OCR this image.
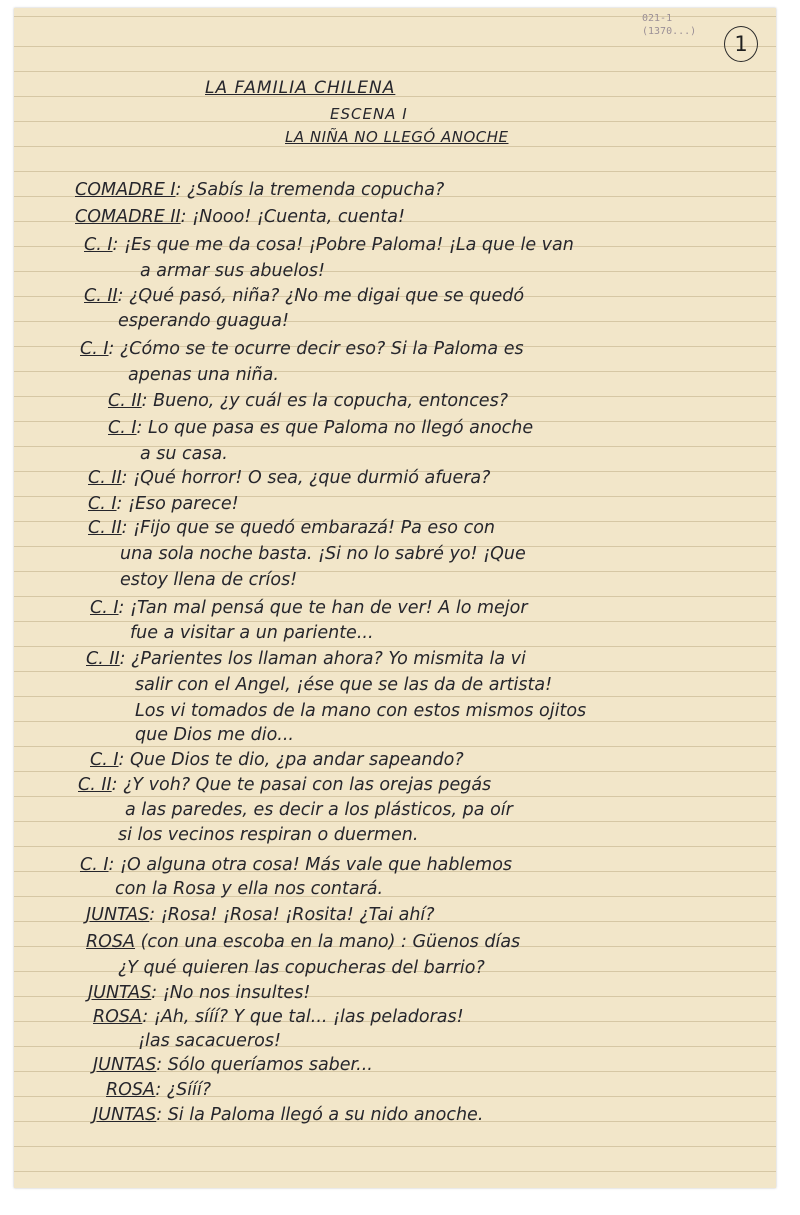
021-1
(1370...)
1
LA FAMILIA CHILENA
ESCENA I
LA NIÑA NO LLEGÓ ANOCHE
COMADRE I: ¿Sabís la tremenda copucha?
COMADRE II: ¡Nooo! ¡Cuenta, cuenta!
C. I: ¡Es que me da cosa! ¡Pobre Paloma! ¡La que le van
a armar sus abuelos!
C. II: ¿Qué pasó, niña? ¿No me digai que se quedó
esperando guagua!
C. I: ¿Cómo se te ocurre decir eso? Si la Paloma es
apenas una niña.
C. II: Bueno, ¿y cuál es la copucha, entonces?
C. I: Lo que pasa es que Paloma no llegó anoche
a su casa.
C. II: ¡Qué horror! O sea, ¿que durmió afuera?
C. I: ¡Eso parece!
C. II: ¡Fijo que se quedó embarazá! Pa eso con
una sola noche basta. ¡Si no lo sabré yo! ¡Que
estoy llena de críos!
C. I: ¡Tan mal pensá que te han de ver! A lo mejor
fue a visitar a un pariente...
C. II: ¿Parientes los llaman ahora? Yo mismita la vi
salir con el Angel, ¡ése que se las da de artista!
Los vi tomados de la mano con estos mismos ojitos
que Dios me dio...
C. I: Que Dios te dio, ¿pa andar sapeando?
C. II: ¿Y voh? Que te pasai con las orejas pegás
a las paredes, es decir a los plásticos, pa oír
si los vecinos respiran o duermen.
C. I: ¡O alguna otra cosa! Más vale que hablemos
con la Rosa y ella nos contará.
JUNTAS: ¡Rosa! ¡Rosa! ¡Rosita! ¿Tai ahí?
ROSA (con una escoba en la mano) : Güenos días
¿Y qué quieren las copucheras del barrio?
JUNTAS: ¡No nos insultes!
ROSA: ¡Ah, sííí? Y que tal... ¡las peladoras!
¡las sacacueros!
JUNTAS: Sólo queríamos saber...
ROSA: ¿Sííí?
JUNTAS: Si la Paloma llegó a su nido anoche.
